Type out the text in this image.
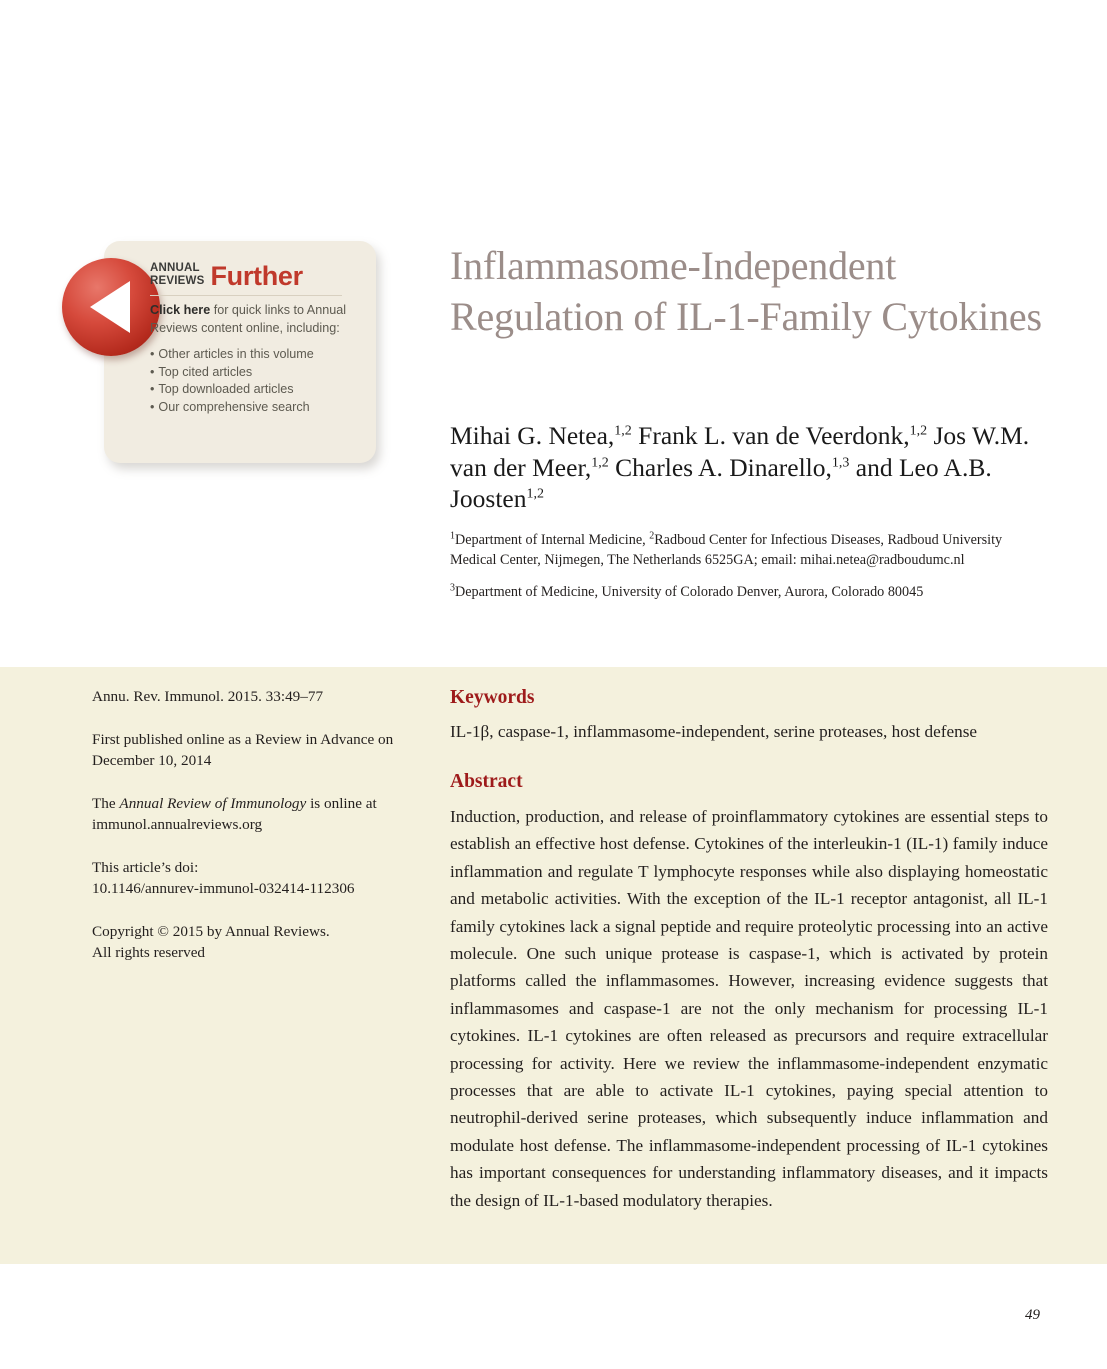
ANNUAL
REVIEWS Further
Click here for quick links to Annual Reviews content online, including:
• Other articles in this volume
• Top cited articles
• Top downloaded articles
• Our comprehensive search
Inflammasome-Independent Regulation of IL-1-Family Cytokines
Mihai G. Netea,$^{1,2}$ Frank L. van de Veerdonk,$^{1,2}$ Jos W.M. van der Meer,$^{1,2}$ Charles A. Dinarello,$^{1,3}$ and Leo A.B. Joosten$^{1,2}$

$^1$Department of Internal Medicine, $^2$Radboud Center for Infectious Diseases, Radboud University Medical Center, Nijmegen, The Netherlands 6525GA; email: mihai.netea@radboudumc.nl

$^3$Department of Medicine, University of Colorado Denver, Aurora, Colorado 80045

Annu. Rev. Immunol. 2015. 33:49–77

First published online as a Review in Advance on December 10, 2014

The Annual Review of Immunology is online at immunol.annualreviews.org

This article’s doi:
10.1146/annurev-immunol-032414-112306

Copyright © 2015 by Annual Reviews.
All rights reserved

Keywords

IL-1β, caspase-1, inflammasome-independent, serine proteases, host defense

Abstract

Induction, production, and release of proinflammatory cytokines are essential steps to establish an effective host defense. Cytokines of the interleukin-1 (IL-1) family induce inflammation and regulate T lymphocyte responses while also displaying homeostatic and metabolic activities. With the exception of the IL-1 receptor antagonist, all IL-1 family cytokines lack a signal peptide and require proteolytic processing into an active molecule. One such unique protease is caspase-1, which is activated by protein platforms called the inflammasomes. However, increasing evidence suggests that inflammasomes and caspase-1 are not the only mechanism for processing IL-1 cytokines. IL-1 cytokines are often released as precursors and require extracellular processing for activity. Here we review the inflammasome-independent enzymatic processes that are able to activate IL-1 cytokines, paying special attention to neutrophil-derived serine proteases, which subsequently induce inflammation and modulate host defense. The inflammasome-independent processing of IL-1 cytokines has important consequences for understanding inflammatory diseases, and it impacts the design of IL-1-based modulatory therapies.

49
